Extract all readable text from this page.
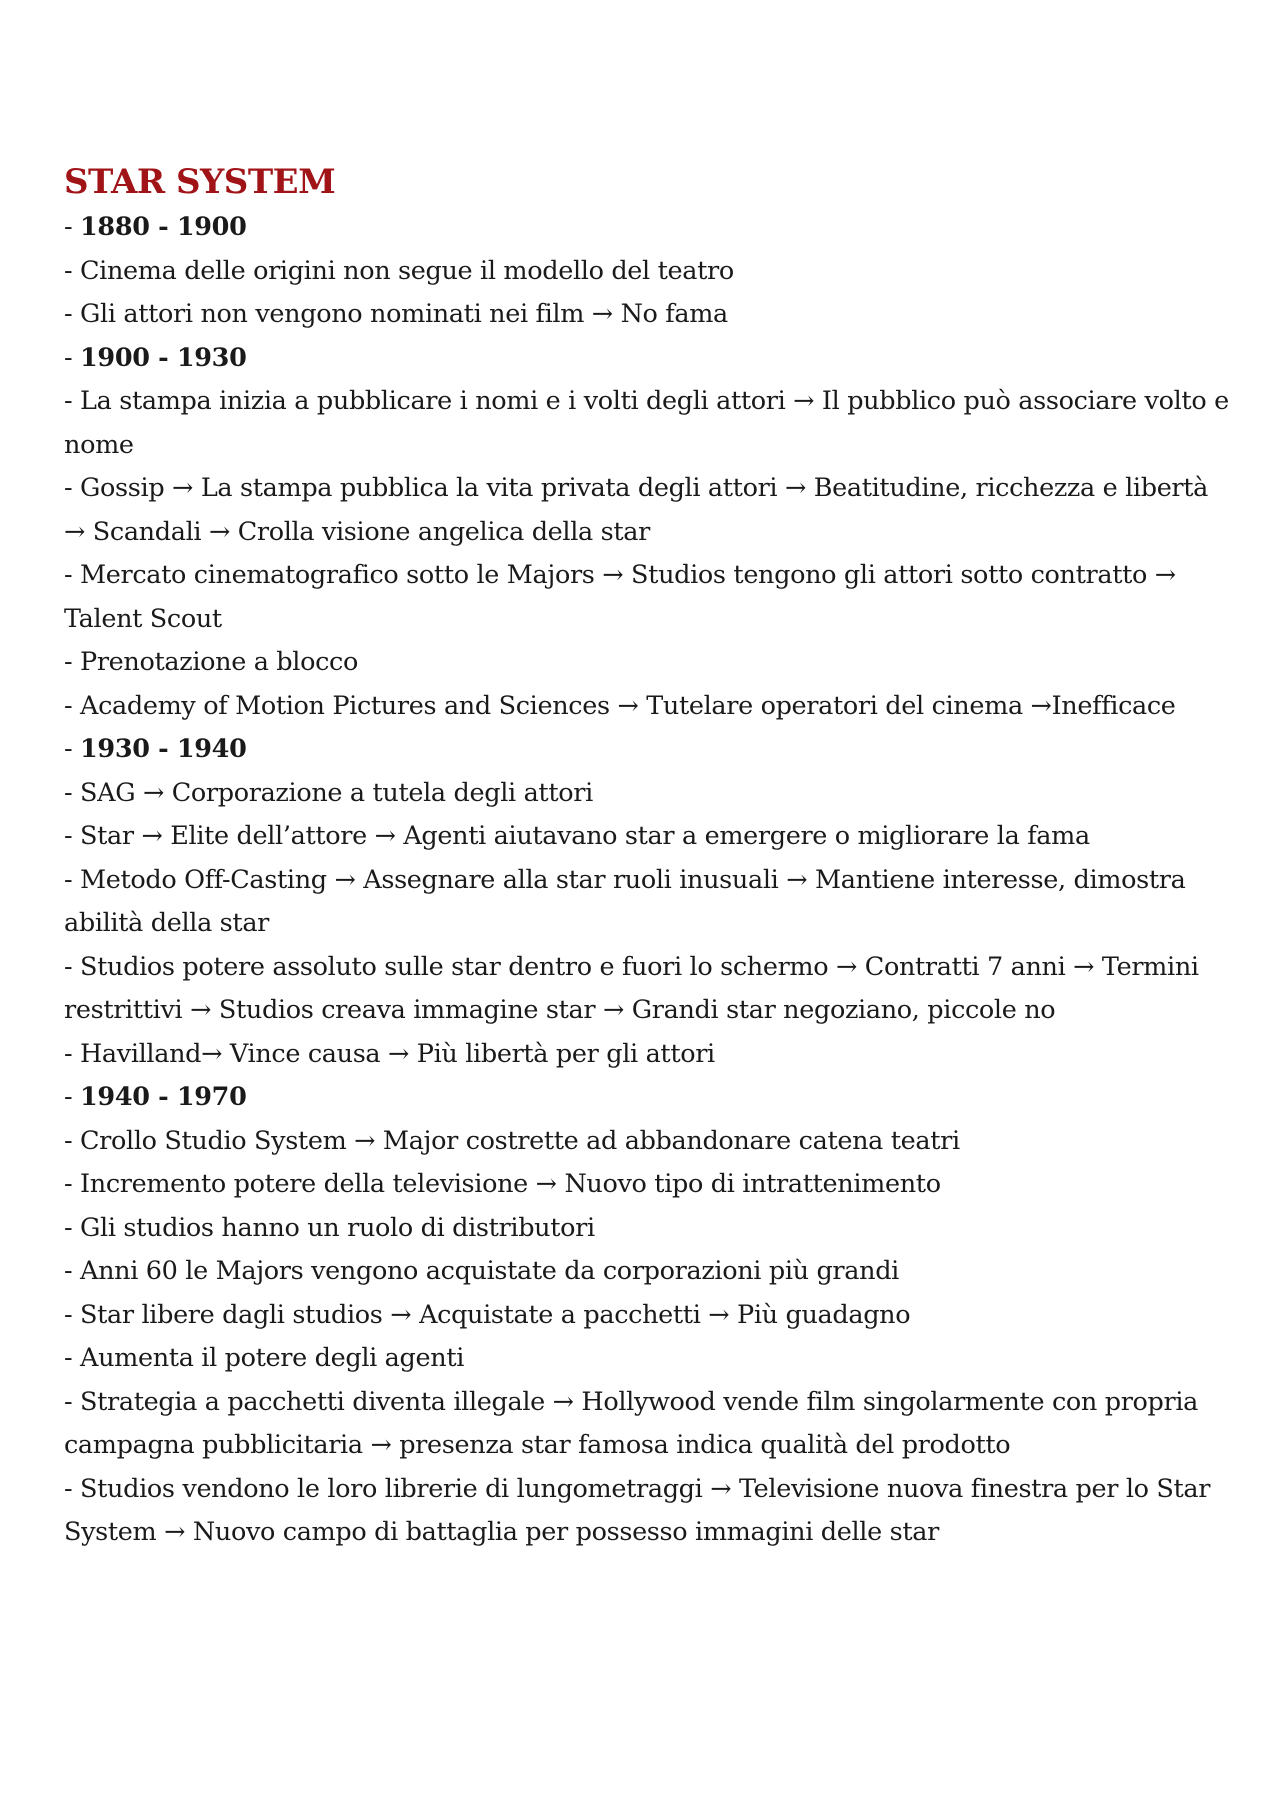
STAR SYSTEM

- 1880 - 1900

- Cinema delle origini non segue il modello del teatro

- Gli attori non vengono nominati nei film → No fama

- 1900 - 1930

- La stampa inizia a pubblicare i nomi e i volti degli attori → Il pubblico può associare volto e nome

- Gossip → La stampa pubblica la vita privata degli attori → Beatitudine, ricchezza e libertà → Scandali → Crolla visione angelica della star

- Mercato cinematografico sotto le Majors → Studios tengono gli attori sotto contratto → Talent Scout

- Prenotazione a blocco

- Academy of Motion Pictures and Sciences → Tutelare operatori del cinema →Inefficace

- 1930 - 1940

- SAG → Corporazione a tutela degli attori

- Star → Elite dell’attore → Agenti aiutavano star a emergere o migliorare la fama

- Metodo Off-Casting → Assegnare alla star ruoli inusuali → Mantiene interesse, dimostra abilità della star

- Studios potere assoluto sulle star dentro e fuori lo schermo → Contratti 7 anni → Termini restrittivi → Studios creava immagine star → Grandi star negoziano, piccole no

- Havilland→ Vince causa → Più libertà per gli attori

- 1940 - 1970

- Crollo Studio System → Major costrette ad abbandonare catena teatri

- Incremento potere della televisione → Nuovo tipo di intrattenimento

- Gli studios hanno un ruolo di distributori

- Anni 60 le Majors vengono acquistate da corporazioni più grandi

- Star libere dagli studios → Acquistate a pacchetti → Più guadagno

- Aumenta il potere degli agenti

- Strategia a pacchetti diventa illegale → Hollywood vende film singolarmente con propria campagna pubblicitaria → presenza star famosa indica qualità del prodotto

- Studios vendono le loro librerie di lungometraggi → Televisione nuova finestra per lo Star System → Nuovo campo di battaglia per possesso immagini delle star
